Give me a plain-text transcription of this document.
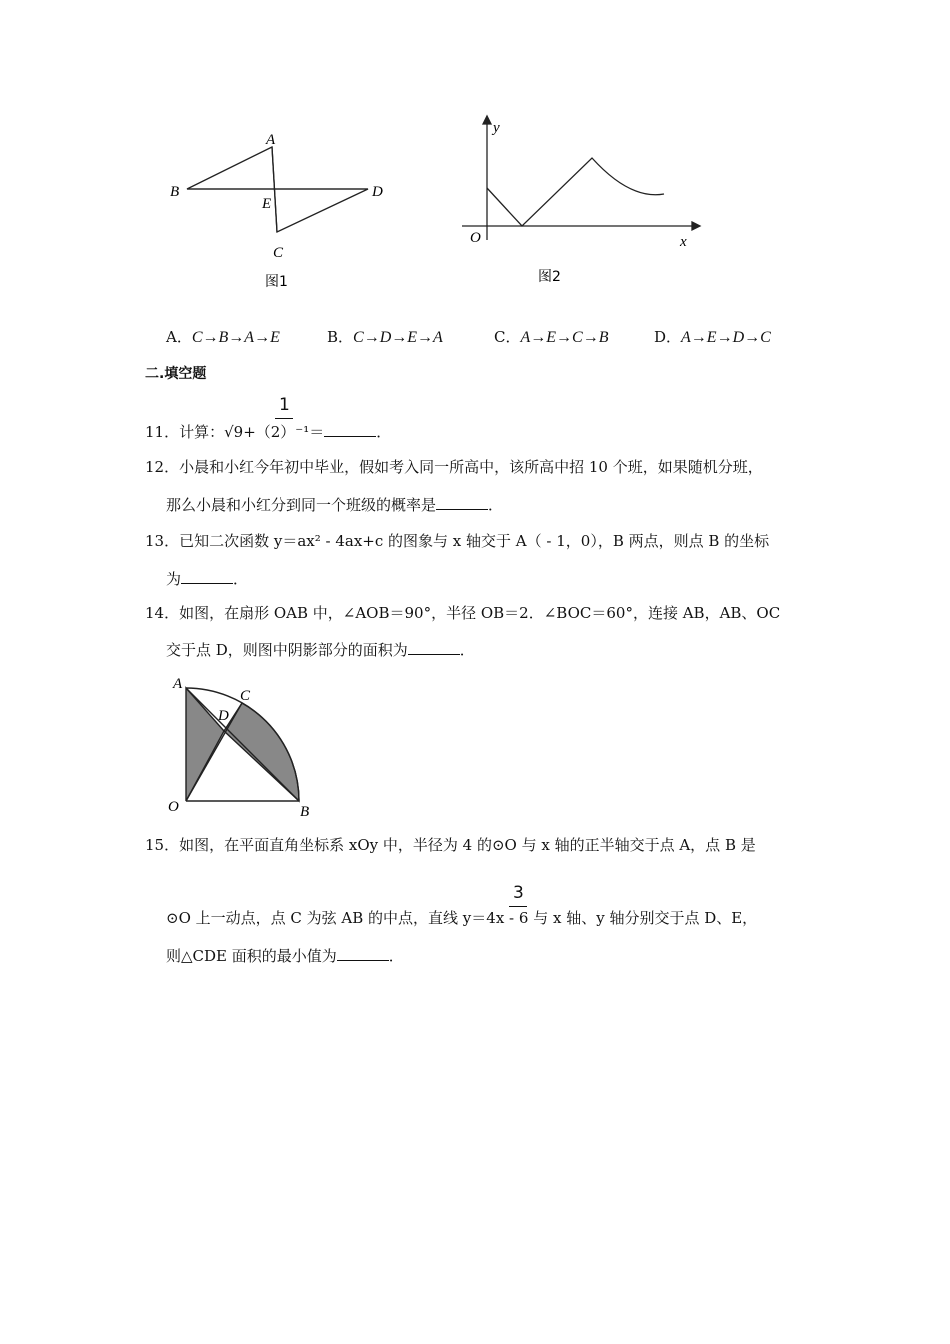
A
B	D
E
C
图1
y
O	x
图2
A
C
D
O	B
A．C→B→A→E	B．C→D→E→A	C．A→E→C→B	D．A→E→D→C
二.填空题
1
11．计算：√9+（2）⁻¹＝	．
12．小晨和小红今年初中毕业，假如考入同一所高中，该所高中招 10 个班，如果随机分班，
那么小晨和小红分到同一个班级的概率是	．
13．已知二次函数 y＝ax² - 4ax+c 的图象与 x 轴交于 A（ - 1，0），B 两点，则点 B 的坐标
为	．
14．如图，在扇形 OAB 中，∠AOB＝90°，半径 OB＝2．∠BOC＝60°，连接 AB，AB、OC
交于点 D，则图中阴影部分的面积为	．
15．如图，在平面直角坐标系 xOy 中，半径为 4 的⊙O 与 x 轴的正半轴交于点 A，点 B 是
3
⊙O 上一动点，点 C 为弦 AB 的中点，直线 y＝4x - 6 与 x 轴、y 轴分别交于点 D、E，
则△CDE 面积的最小值为	．
